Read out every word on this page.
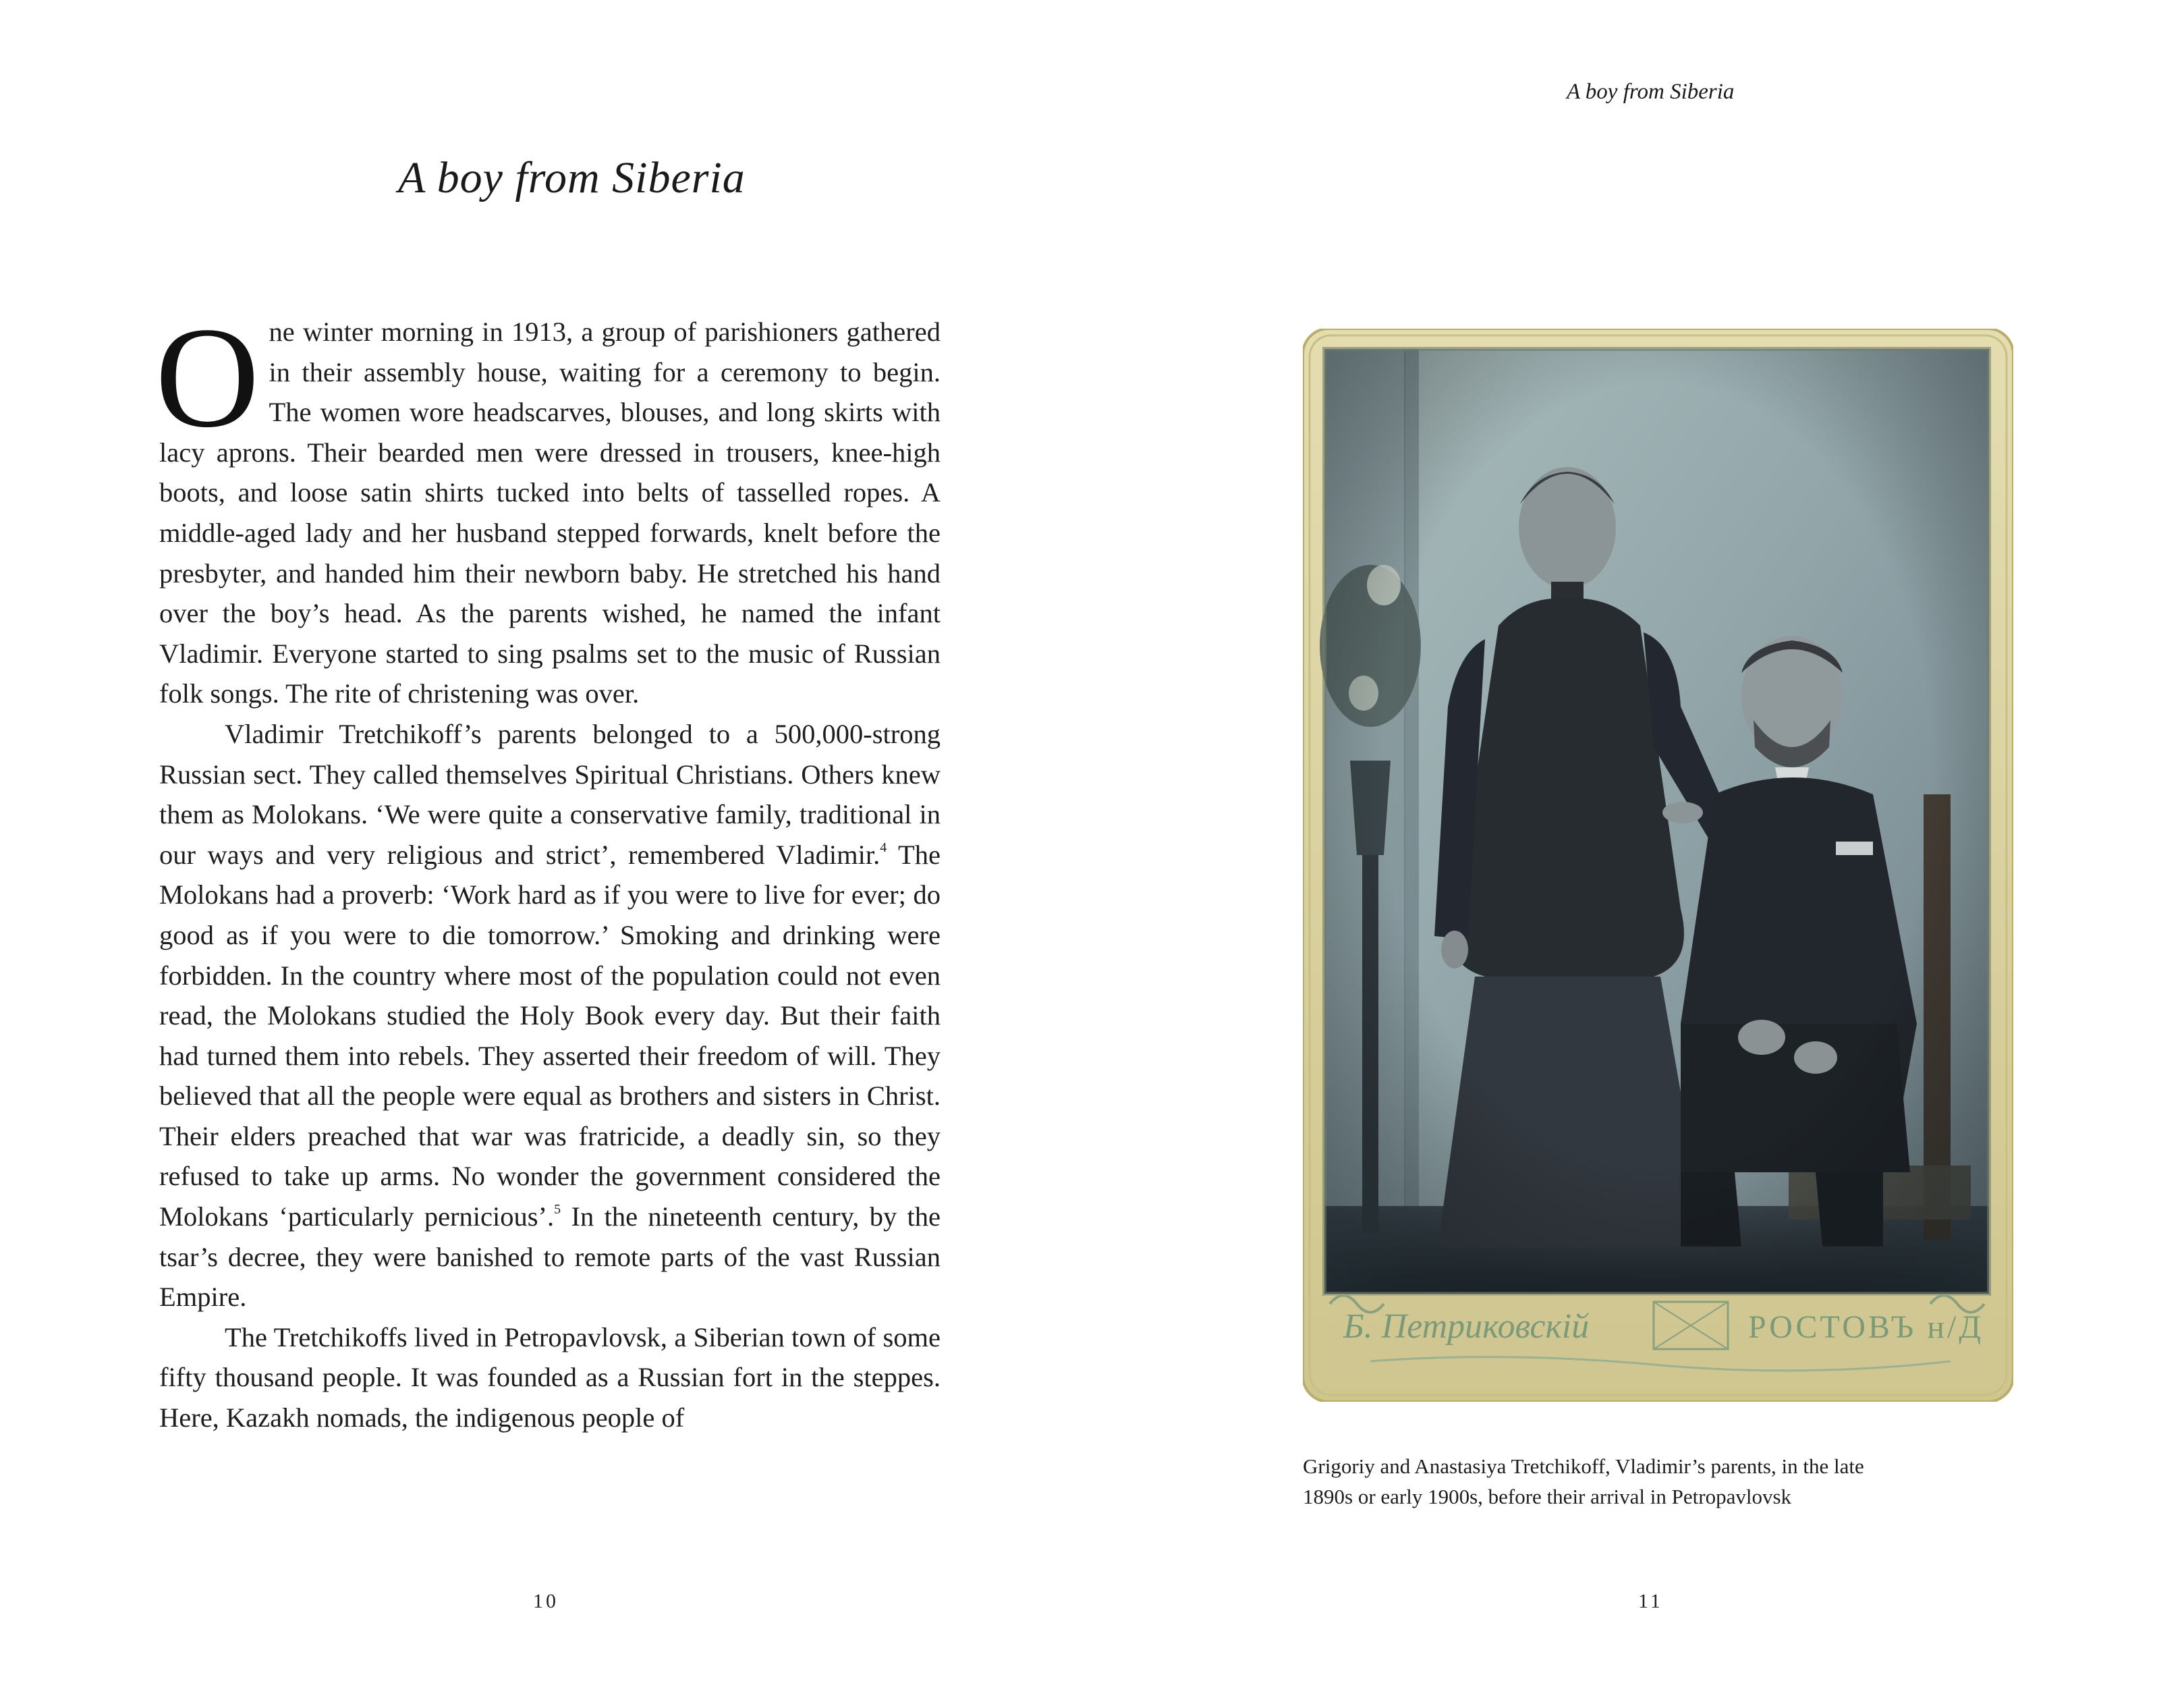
A boy from Siberia

One winter morning in 1913, a group of parishioners gathered in their assembly house, waiting for a ceremony to begin. The women wore headscarves, blouses, and long skirts with lacy aprons. Their bearded men were dressed in trousers, knee-high boots, and loose satin shirts tucked into belts of tasselled ropes. A middle-aged lady and her husband stepped forwards, knelt before the presbyter, and handed him their newborn baby. He stretched his hand over the boy’s head. As the parents wished, he named the infant Vladimir. Everyone started to sing psalms set to the music of Russian folk songs. The rite of christening was over.

Vladimir Tretchikoff’s parents belonged to a 500,000-strong Russian sect. They called themselves Spiritual Christians. Others knew them as Molokans. ‘We were quite a conservative family, traditional in our ways and very religious and strict’, remembered Vladimir.$^4$ The Molokans had a proverb: ‘Work hard as if you were to live for ever; do good as if you were to die tomorrow.’ Smoking and drinking were forbidden. In the country where most of the population could not even read, the Molokans studied the Holy Book every day. But their faith had turned them into rebels. They asserted their freedom of will. They believed that all the people were equal as brothers and sisters in Christ. Their elders preached that war was fratricide, a deadly sin, so they refused to take up arms. No wonder the government considered the Molokans ‘particularly pernicious’.$^5$ In the nineteenth century, by the tsar’s decree, they were banished to remote parts of the vast Russian Empire.

The Tretchikoffs lived in Petropavlovsk, a Siberian town of some fifty thousand people. It was founded as a Russian fort in the steppes. Here, Kazakh nomads, the indigenous people of

10
A boy from Siberia
Б. Петриковскiй	РОСТОВЪ н/Д
Grigoriy and Anastasiya Tretchikoff, Vladimir’s parents, in the late
1890s or early 1900s, before their arrival in Petropavlovsk
11
